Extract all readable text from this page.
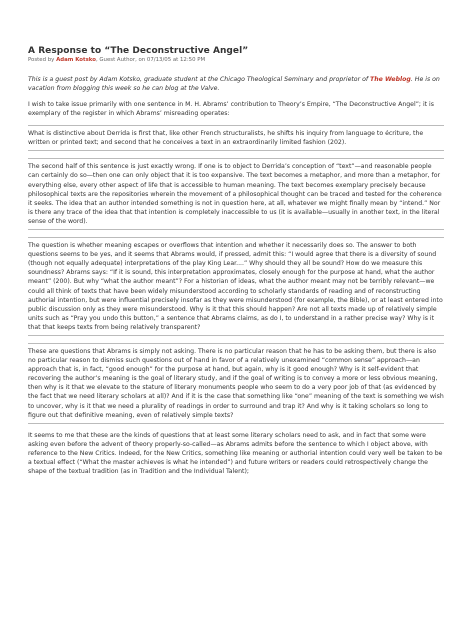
A Response to “The Deconstructive Angel”
Posted by Adam Kotsko, Guest Author, on 07/13/05 at 12:50 PM

This is a guest post by Adam Kotsko, graduate student at the Chicago Theological Seminary and proprietor of The Weblog. He is on vacation from blogging this week so he can blog at the Valve.

I wish to take issue primarily with one sentence in M. H. Abrams’ contribution to Theory’s Empire, “The Deconstructive Angel”; it is exemplary of the register in which Abrams’ misreading operates:

What is distinctive about Derrida is first that, like other French structuralists, he shifts his inquiry from language to écriture, the written or printed text; and second that he conceives a text in an extraordinarily limited fashion (202).

The second half of this sentence is just exactly wrong. If one is to object to Derrida’s conception of “text”—and reasonable people can certainly do so—then one can only object that it is too expansive. The text becomes a metaphor, and more than a metaphor, for everything else, every other aspect of life that is accessible to human meaning. The text becomes exemplary precisely because philosophical texts are the repositories wherein the movement of a philosophical thought can be traced and tested for the coherence it seeks. The idea that an author intended something is not in question here, at all, whatever we might finally mean by “intend.” Nor is there any trace of the idea that that intention is completely inaccessible to us (it is available—usually in another text, in the literal sense of the word).

The question is whether meaning escapes or overflows that intention and whether it necessarily does so. The answer to both questions seems to be yes, and it seems that Abrams would, if pressed, admit this: “I would agree that there is a diversity of sound (though not equally adequate) interpretations of the play King Lear....” Why should they all be sound? How do we measure this soundness? Abrams says: “If it is sound, this interpretation approximates, closely enough for the purpose at hand, what the author meant” (200). But why “what the author meant”? For a historian of ideas, what the author meant may not be terribly relevant—we could all think of texts that have been widely misunderstood according to scholarly standards of reading and of reconstructing authorial intention, but were influential precisely insofar as they were misunderstood (for example, the Bible), or at least entered into public discussion only as they were misunderstood. Why is it that this should happen? Are not all texts made up of relatively simple units such as “Pray you undo this button,” a sentence that Abrams claims, as do I, to understand in a rather precise way? Why is it that that keeps texts from being relatively transparent?

These are questions that Abrams is simply not asking. There is no particular reason that he has to be asking them, but there is also no particular reason to dismiss such questions out of hand in favor of a relatively unexamined “common sense” approach—an approach that is, in fact, “good enough” for the purpose at hand, but again, why is it good enough? Why is it self-evident that recovering the author’s meaning is the goal of literary study, and if the goal of writing is to convey a more or less obvious meaning, then why is it that we elevate to the stature of literary monuments people who seem to do a very poor job of that (as evidenced by the fact that we need literary scholars at all)? And if it is the case that something like “one” meaning of the text is something we wish to uncover, why is it that we need a plurality of readings in order to surround and trap it? And why is it taking scholars so long to figure out that definitive meaning, even of relatively simple texts?

It seems to me that these are the kinds of questions that at least some literary scholars need to ask, and in fact that some were asking even before the advent of theory properly-so-called—as Abrams admits before the sentence to which I object above, with reference to the New Critics. Indeed, for the New Critics, something like meaning or authorial intention could very well be taken to be a textual effect (“What the master achieves is what he intended”) and future writers or readers could retrospectively change the shape of the textual tradition (as in Tradition and the Individual Talent);
